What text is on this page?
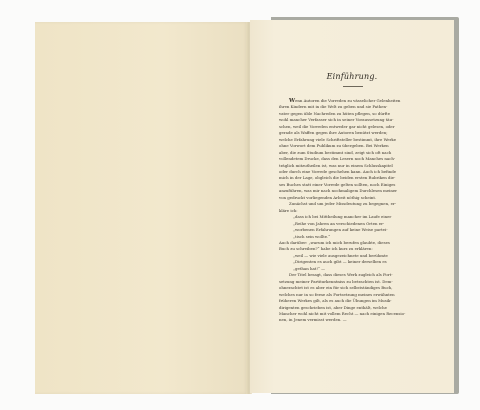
Einführung.

Wenn Autoren die Vorreden zu vässelicher Gelenheiten

ihren Kindern mit in die Welt zu geben und sie Pathen-

vater gegen üble Nachreden zu hüten pflegen, so dürfte

wohl mancher Verfasser sich in seiner Voraussetzung täu-

schen, weil die Vorreden entweder gar nicht gelesen, oder

gerade als Waffen gegen ihre Autoren benützt werden;

welche Erfahrung viele Schriftsteller bestimmt, ihre Werke

ohne Vorwort dem Publikum zu übergeben. Bei Werken

aber, die zum Studium bestimmt sind, zeigt sich oft nach

vollendetem Drucke, dass den Lesern noch Manches nach-

träglich mitzutheilen ist, was nur in einem Schlusskapitel

oder durch eine Vorrede geschehen kann. Auch ich befinde

mich in der Lage, obgleich die beiden ersten Rubriken die-

ses Buches statt einer Vorrede gelten sollten, noch Einiges

anzuführen, was mir nach nochmaligem Durchlesen meiner

von gedruckt vorliegenden Arbeit nöthig scheint.

Zunächst und um jeder Missdeutung zu begegnen, er-

kläre ich:

„dass ich bei Mittheilung mancher im Laufe einer

„Reihe von Jahren an verschiedenen Orten er-

„worbenen Erfahrungen auf keine Weise partei-

„tisch sein wollte.“

Auch darüber: „warum ich mich berufen glaubte, dieses

Buch zu schreiben?“ habe ich kurz zu erklären:

„weil — wie viele ausgezeichnete und berühmte

„Dirigenten es auch gibt — keiner derselben es

„gethan hat!“ —

Der Titel besagt, dass dieses Werk zugleich als Fort-

setzung meiner Partiturkenntniss zu betrachten ist. Dem-

ohnerachtet ist es aber ein für sich selbstständiges Buch,

welches nur in so ferne als Fortsetzung meines erwähnten

früheren Werkes gilt, als es auch die Übungen im Musik-

dirigenten geschrieben ist, aber Dinge enthält, welche

Mancher wohl nicht mit vollem Recht — nach einigen Recensio-

nen, in Jenem vermisst werden. —
